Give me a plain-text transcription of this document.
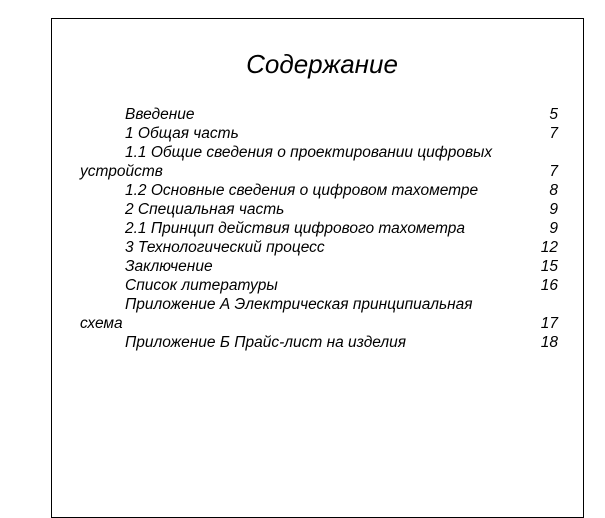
Содержание
Введение
1 Общая часть
1.1 Общие сведения о проектировании цифровых
устройств
1.2 Основные сведения о цифровом тахометре
2 Специальная часть
2.1 Принцип действия цифрового тахометра
3 Технологический процесс
Заключение
Список литературы
Приложение А Электрическая принципиальная
схема
Приложение Б Прайс-лист на изделия
5
7
7
8
9
9
12
15
16
17
18
